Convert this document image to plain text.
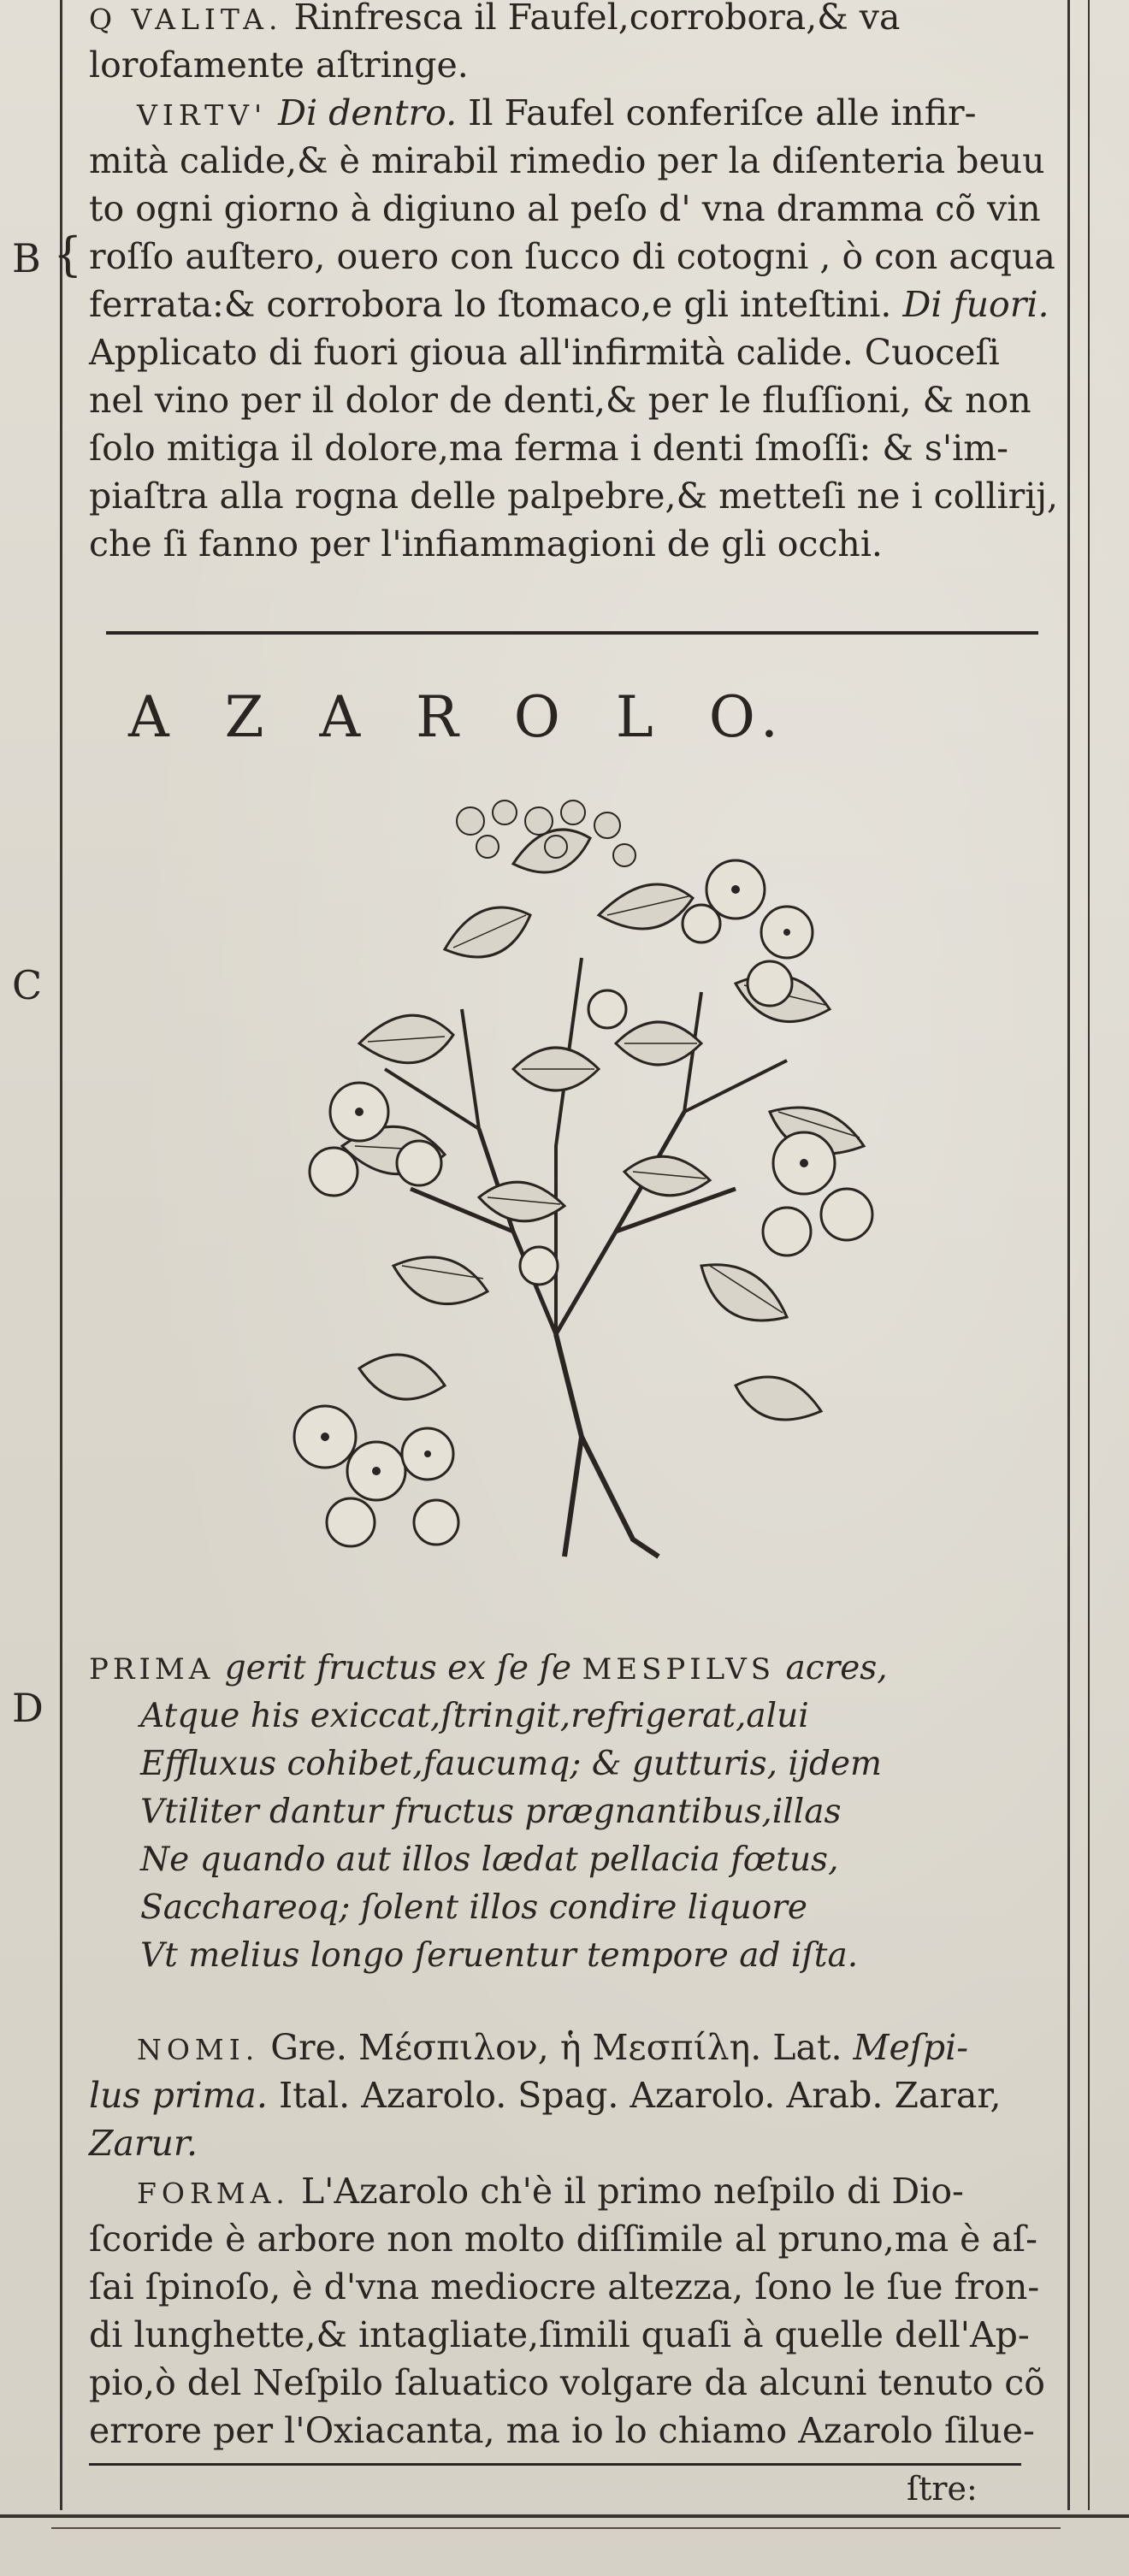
B {
C
D
Q VALITA. Rinfresca il Faufel,corrobora,& va
lorofamente aſtringe.
VIRTV' Di dentro. Il Faufel conferiſce alle infir-
mità calide,& è mirabil rimedio per la diſenteria beuu
to ogni giorno à digiuno al peſo d' vna dramma cõ vin
roſſo auſtero, ouero con ſucco di cotogni , ò con acqua
ferrata:& corrobora lo ſtomaco,e gli inteſtini. Di fuori.
Applicato di fuori gioua all'infirmità calide. Cuoceſi
nel vino per il dolor de denti,& per le fluſſioni, & non
ſolo mitiga il dolore,ma ferma i denti ſmoſſi: & s'im-
piaſtra alla rogna delle palpebre,& metteſi ne i collirij,
che ſi fanno per l'infiammagioni de gli occhi.
A Z A R O L O.
PRIMA gerit fructus ex ſe ſe MESPILVS acres,
Atque his exiccat,ſtringit,refrigerat,alui
Effluxus cohibet,faucumq; & gutturis, ijdem
Vtiliter dantur fructus prægnantibus,illas
Ne quando aut illos lædat pellacia fœtus,
Sacchareoq; ſolent illos condire liquore
Vt melius longo ſeruentur tempore ad iſta.
NOMI. Gre. Μέσπιλον, ἡ Μεσπίλη. Lat. Meſpi-
lus prima. Ital. Azarolo. Spag. Azarolo. Arab. Zarar,
Zarur.
FORMA. L'Azarolo ch'è il primo neſpilo di Dio-
ſcoride è arbore non molto diſſimile al pruno,ma è aſ-
ſai ſpinoſo, è d'vna mediocre altezza, ſono le ſue fron-
di lunghette,& intagliate,ſimili quaſi à quelle dell'Ap-
pio,ò del Neſpilo ſaluatico volgare da alcuni tenuto cõ
errore per l'Oxiacanta, ma io lo chiamo Azarolo ſilue-
ſtre:
